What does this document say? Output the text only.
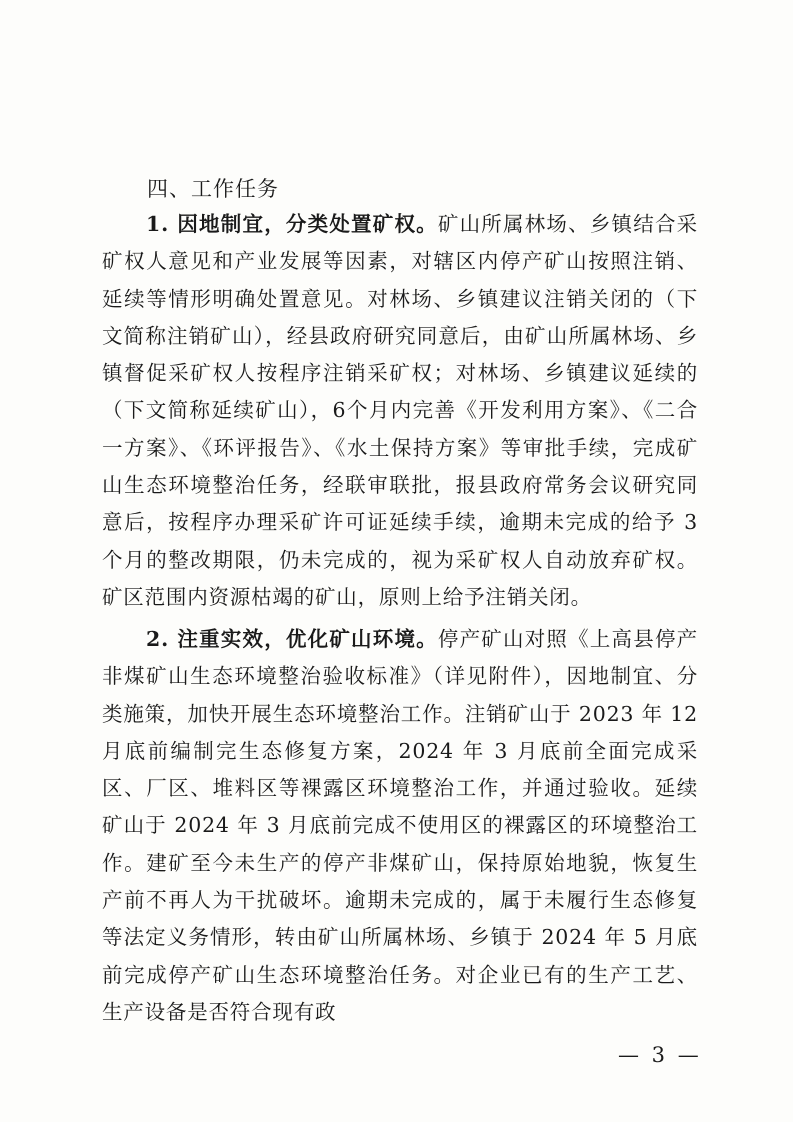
四、工作任务
1. 因地制宜，分类处置矿权。矿山所属林场、乡镇结合采矿权人意见和产业发展等因素，对辖区内停产矿山按照注销、延续等情形明确处置意见。对林场、乡镇建议注销关闭的（下文简称注销矿山），经县政府研究同意后，由矿山所属林场、乡镇督促采矿权人按程序注销采矿权；对林场、乡镇建议延续的（下文简称延续矿山），6个月内完善《开发利用方案》、《二合一方案》、《环评报告》、《水土保持方案》等审批手续，完成矿山生态环境整治任务，经联审联批，报县政府常务会议研究同意后，按程序办理采矿许可证延续手续，逾期未完成的给予 3 个月的整改期限，仍未完成的，视为采矿权人自动放弃矿权。矿区范围内资源枯竭的矿山，原则上给予注销关闭。
2. 注重实效，优化矿山环境。停产矿山对照《上高县停产非煤矿山生态环境整治验收标准》（详见附件），因地制宜、分类施策，加快开展生态环境整治工作。注销矿山于 2023 年 12 月底前编制完生态修复方案，2024 年 3 月底前全面完成采区、厂区、堆料区等裸露区环境整治工作，并通过验收。延续矿山于 2024 年 3 月底前完成不使用区的裸露区的环境整治工作。建矿至今未生产的停产非煤矿山，保持原始地貌，恢复生产前不再人为干扰破坏。逾期未完成的，属于未履行生态修复等法定义务情形，转由矿山所属林场、乡镇于 2024 年 5 月底前完成停产矿山生态环境整治任务。对企业已有的生产工艺、生产设备是否符合现有政
— 3 —
